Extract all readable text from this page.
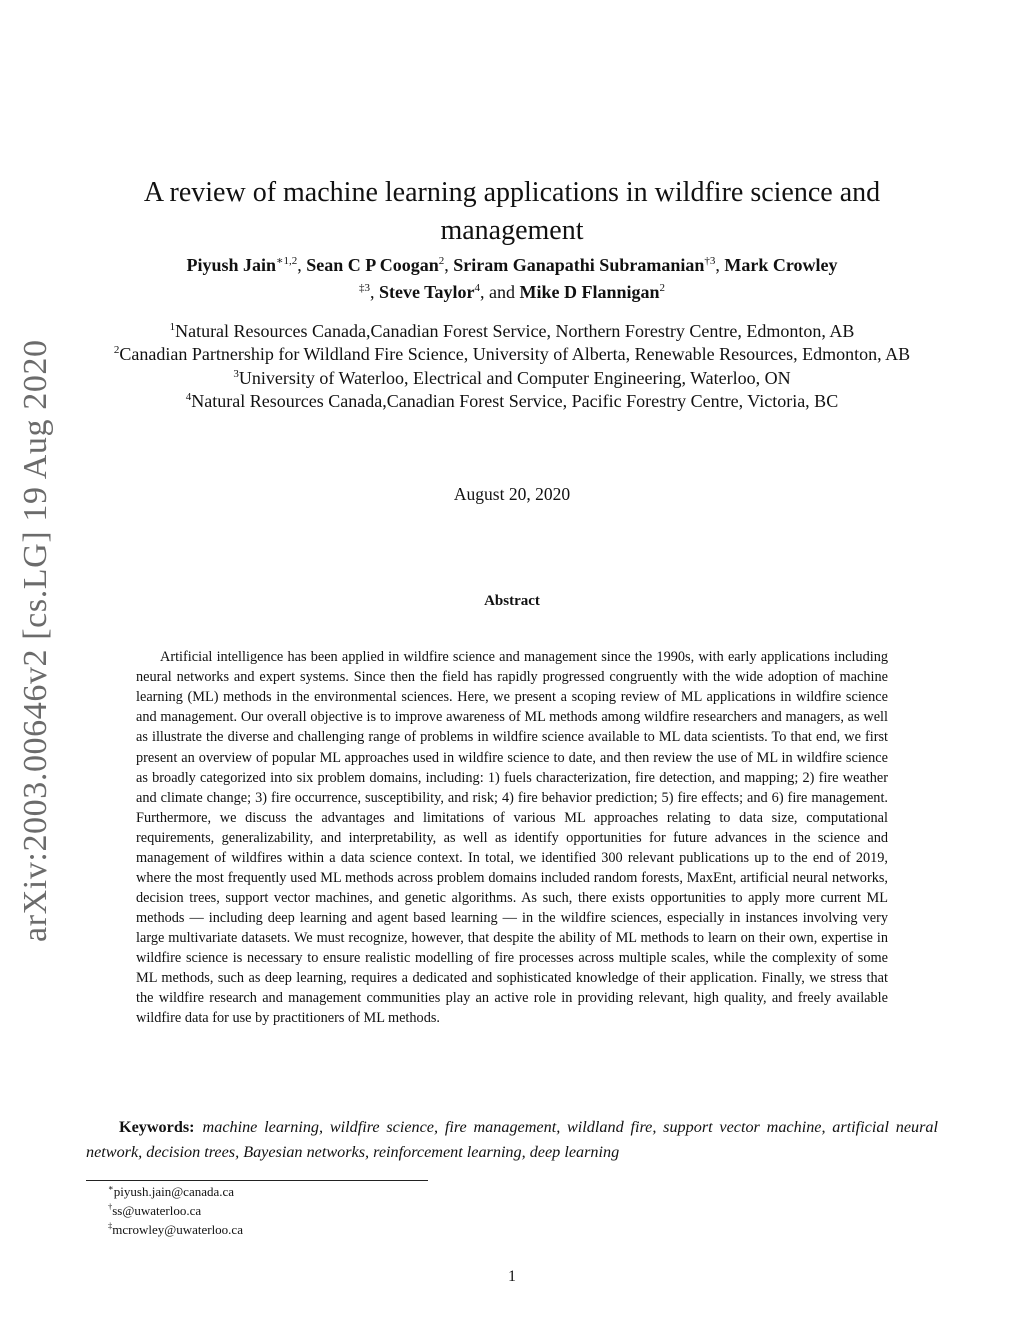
arXiv:2003.00646v2 [cs.LG] 19 Aug 2020
A review of machine learning applications in wildfire science and management
Piyush Jain$^{∗1,2}$, Sean C P Coogan$^2$, Sriram Ganapathi Subramanian$^{\dagger 3}$, Mark Crowley
$^{\ddagger 3}$, Steve Taylor$^4$, and Mike D Flannigan$^2$
$^1$Natural Resources Canada,Canadian Forest Service, Northern Forestry Centre, Edmonton, AB
$^2$Canadian Partnership for Wildland Fire Science, University of Alberta, Renewable Resources, Edmonton, AB
$^3$University of Waterloo, Electrical and Computer Engineering, Waterloo, ON
$^4$Natural Resources Canada,Canadian Forest Service, Pacific Forestry Centre, Victoria, BC
August 20, 2020
Abstract

Artificial intelligence has been applied in wildfire science and management since the 1990s, with early applications including neural networks and expert systems. Since then the field has rapidly progressed congruently with the wide adoption of machine learning (ML) methods in the environmental sciences. Here, we present a scoping review of ML applications in wildfire science and management. Our overall objective is to improve awareness of ML methods among wildfire researchers and managers, as well as illustrate the diverse and challenging range of problems in wildfire science available to ML data scientists. To that end, we first present an overview of popular ML approaches used in wildfire science to date, and then review the use of ML in wildfire science as broadly categorized into six problem domains, including: 1) fuels characterization, fire detection, and mapping; 2) fire weather and climate change; 3) fire occurrence, susceptibility, and risk; 4) fire behavior prediction; 5) fire effects; and 6) fire management. Furthermore, we discuss the advantages and limitations of various ML approaches relating to data size, computational requirements, generalizability, and interpretability, as well as identify opportunities for future advances in the science and management of wildfires within a data science context. In total, we identified 300 relevant publications up to the end of 2019, where the most frequently used ML methods across problem domains included random forests, MaxEnt, artificial neural networks, decision trees, support vector machines, and genetic algorithms. As such, there exists opportunities to apply more current ML methods — including deep learning and agent based learning — in the wildfire sciences, especially in instances involving very large multivariate datasets. We must recognize, however, that despite the ability of ML methods to learn on their own, expertise in wildfire science is necessary to ensure realistic modelling of fire processes across multiple scales, while the complexity of some ML methods, such as deep learning, requires a dedicated and sophisticated knowledge of their application. Finally, we stress that the wildfire research and management communities play an active role in providing relevant, high quality, and freely available wildfire data for use by practitioners of ML methods.

Keywords: machine learning, wildfire science, fire management, wildland fire, support vector machine, artificial neural network, decision trees, Bayesian networks, reinforcement learning, deep learning
∗piyush.jain@canada.ca
†ss@uwaterloo.ca
‡mcrowley@uwaterloo.ca
1
